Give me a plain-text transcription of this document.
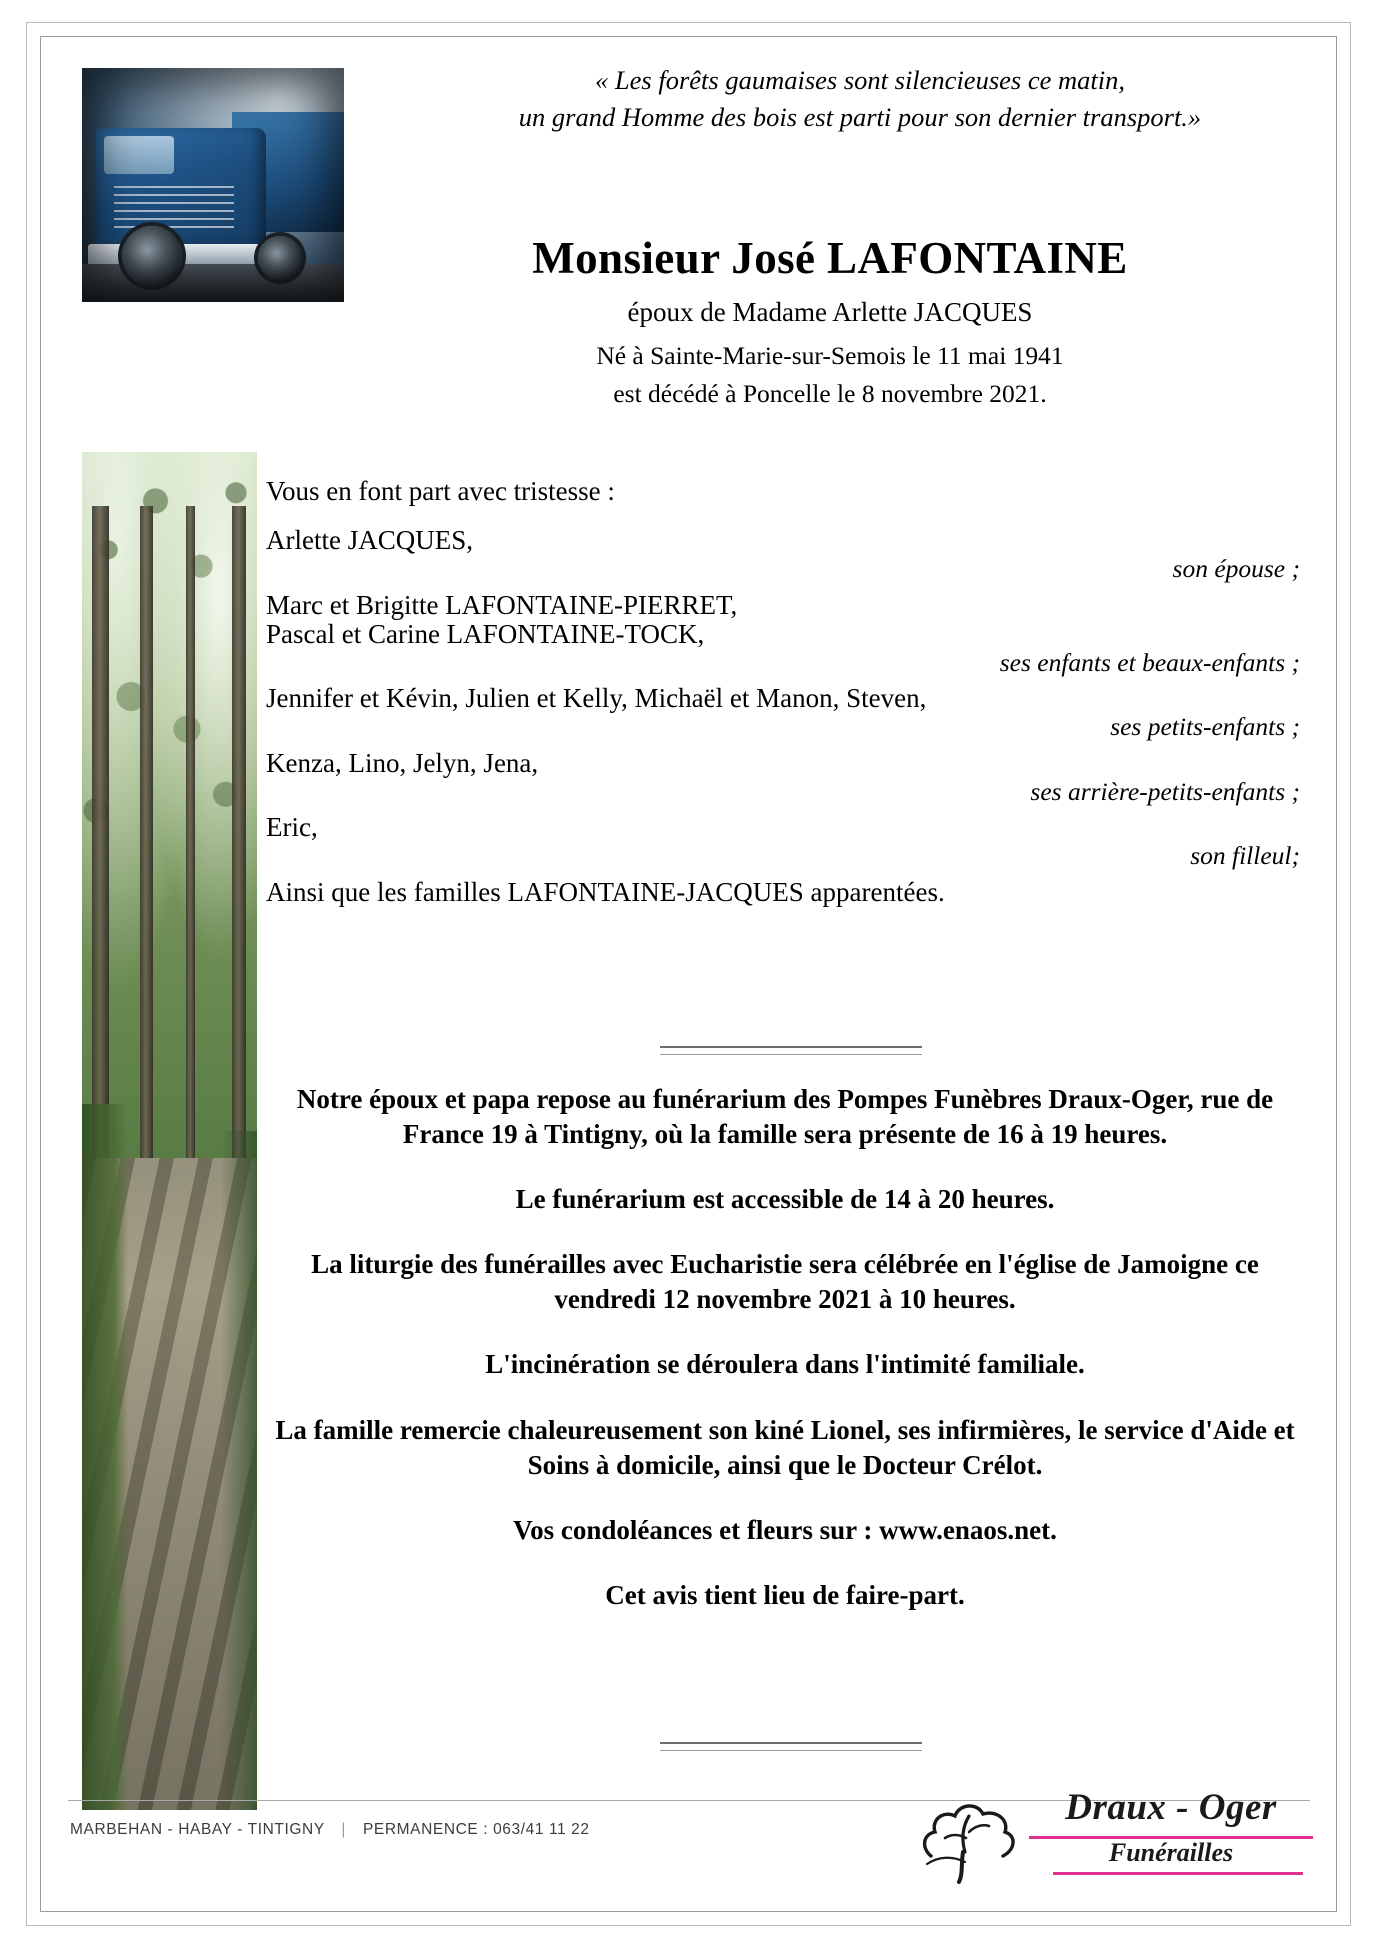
« Les forêts gaumaises sont silencieuses ce matin,
un grand Homme des bois est parti pour son dernier transport.»
Monsieur José LAFONTAINE
époux de Madame Arlette JACQUES
Né à Sainte-Marie-sur-Semois le 11 mai 1941
est décédé à Poncelle le 8 novembre 2021.

Vous en font part avec tristesse :

Arlette JACQUES,

son épouse ;

Marc et Brigitte LAFONTAINE-PIERRET,

Pascal et Carine LAFONTAINE-TOCK,

ses enfants et beaux-enfants ;

Jennifer et Kévin, Julien et Kelly, Michaël et Manon, Steven,

ses petits-enfants ;

Kenza, Lino, Jelyn, Jena,

ses arrière-petits-enfants ;

Eric,

son filleul;

Ainsi que les familles LAFONTAINE-JACQUES apparentées.

Notre époux et papa repose au funérarium des Pompes Funèbres Draux-Oger, rue de France 19 à Tintigny, où la famille sera présente de 16 à 19 heures.

Le funérarium est accessible de 14 à 20 heures.

La liturgie des funérailles avec Eucharistie sera célébrée en l'église de Jamoigne ce vendredi 12 novembre 2021 à 10 heures.

L'incinération se déroulera dans l'intimité familiale.

La famille remercie chaleureusement son kiné Lionel, ses infirmières, le service d'Aide et Soins à domicile, ainsi que le Docteur Crélot.

Vos condoléances et fleurs sur : www.enaos.net.

Cet avis tient lieu de faire-part.

MARBEHAN - HABAY - TINTIGNY | PERMANENCE : 063/41 11 22
Draux - Oger
Funérailles
